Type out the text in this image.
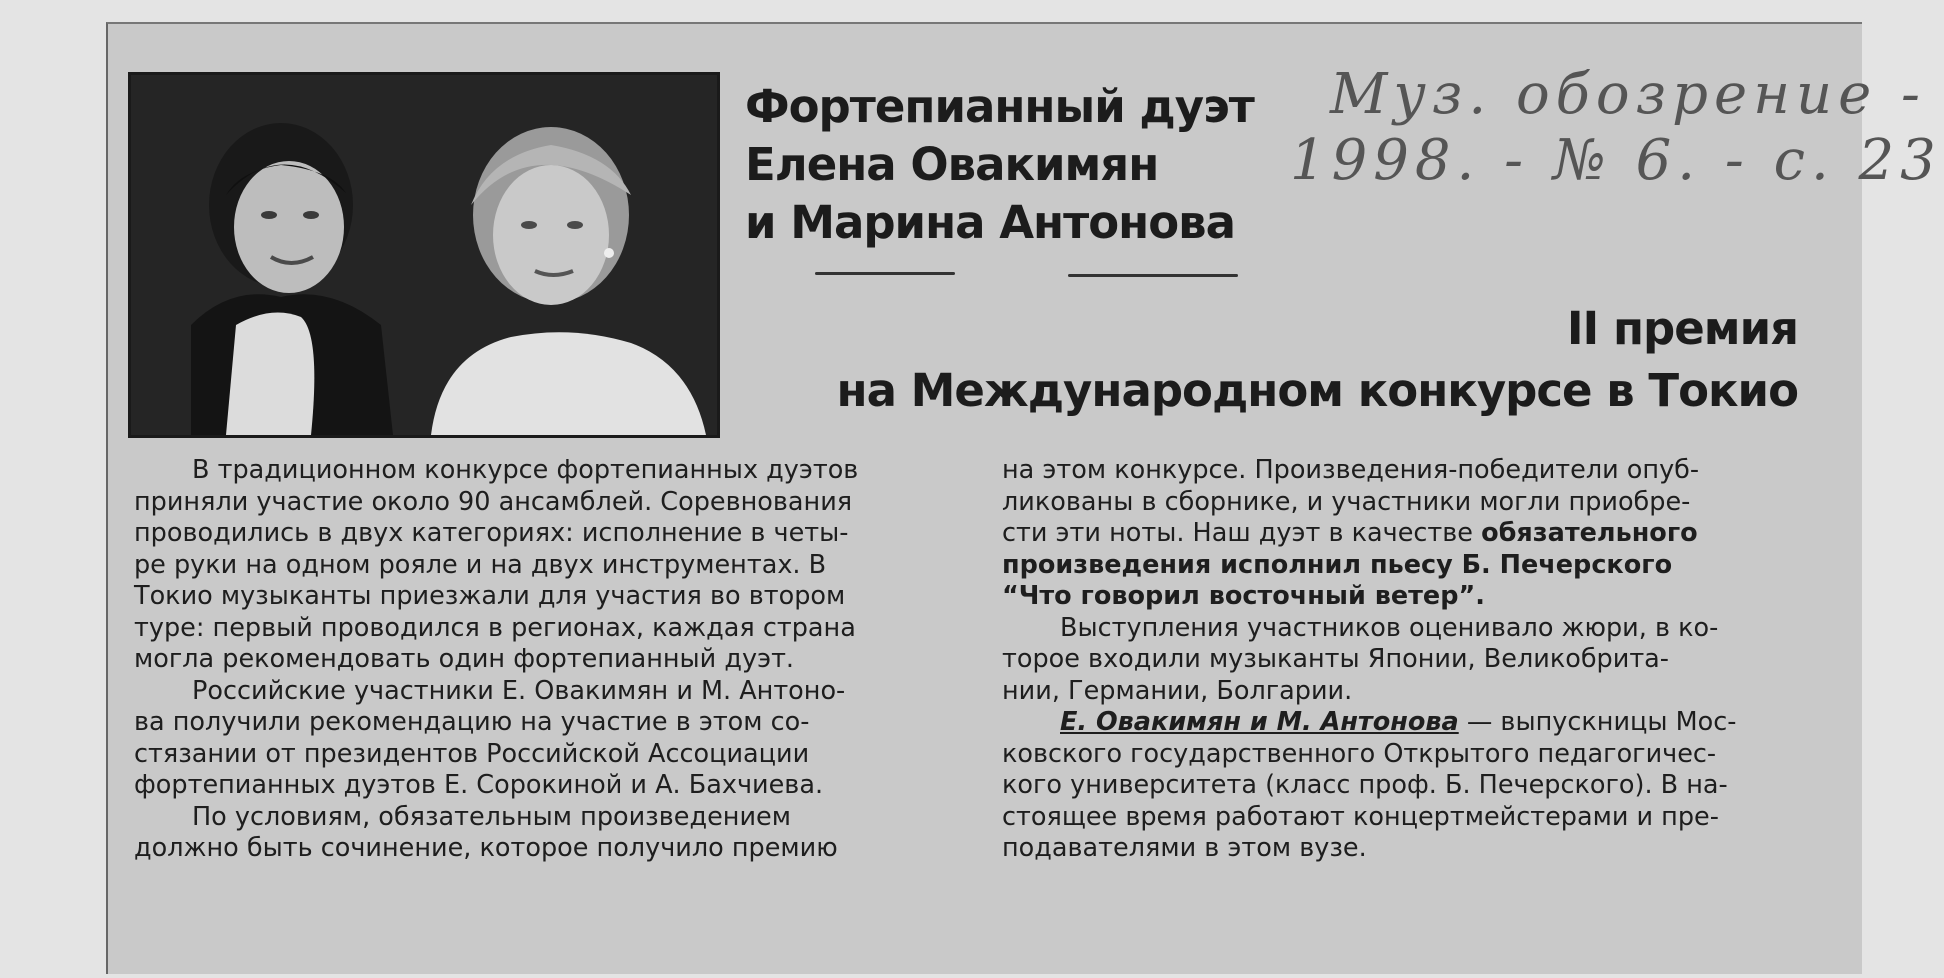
Фортепианный дуэт
Елена Овакимян
и Марина Антонова
Муз. обозрение -
1998. - № 6. - с. 23
II премия
на Международном конкурсе в Токио
В традиционном конкурсе фортепианных дуэтов
приняли участие около 90 ансамблей. Соревнования
проводились в двух категориях: исполнение в четы-
ре руки на одном рояле и на двух инструментах. В
Токио музыканты приезжали для участия во втором
туре: первый проводился в регионах, каждая страна
могла рекомендовать один фортепианный дуэт.
Российские участники Е. Овакимян и М. Антоно-
ва получили рекомендацию на участие в этом со-
стязании от президентов Российской Ассоциации
фортепианных дуэтов Е. Сорокиной и А. Бахчиева.
По условиям, обязательным произведением
должно быть сочинение, которое получило премию
на этом конкурсе. Произведения-победители опуб-
ликованы в сборнике, и участники могли приобре-
сти эти ноты. Наш дуэт в качестве обязательного
произведения исполнил пьесу Б. Печерского
“Что говорил восточный ветер”.
Выступления участников оценивало жюри, в ко-
торое входили музыканты Японии, Великобрита-
нии, Германии, Болгарии.
Е. Овакимян и М. Антонова — выпускницы Мос-
ковского государственного Открытого педагогичес-
кого университета (класс проф. Б. Печерского). В на-
стоящее время работают концертмейстерами и пре-
подавателями в этом вузе.
